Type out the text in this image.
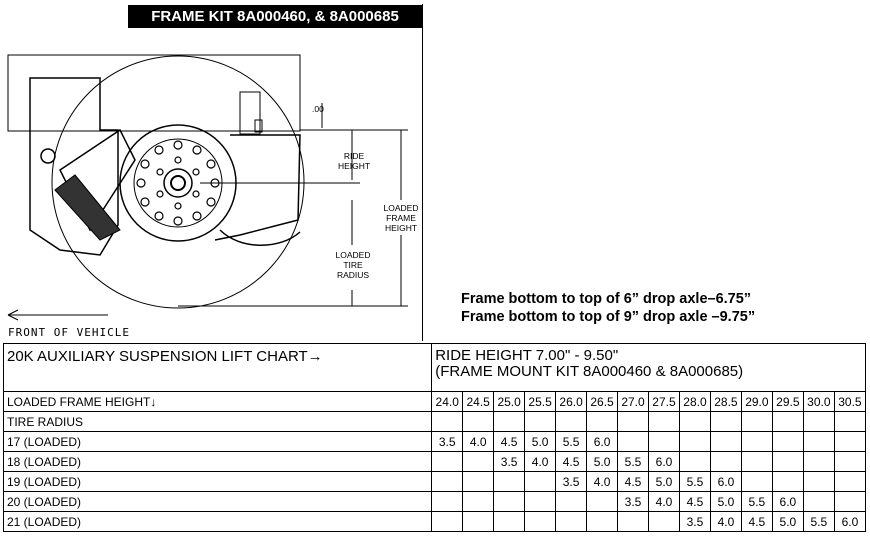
FRAME KIT 8A000460, & 8A000685
.00
RIDE
HEIGHT
LOADED
FRAME
HEIGHT
LOADED
TIRE
RADIUS
FRONT OF VEHICLE
Frame bottom to top of 6” drop axle–6.75”
Frame bottom to top of 9” drop axle –9.75”
20K AUXILIARY SUSPENSION LIFT CHART→	RIDE HEIGHT 7.00" - 9.50"
(FRAME MOUNT KIT 8A000460 & 8A000685)													

LOADED FRAME HEIGHT↓	24.0	24.5	25.0	25.5	26.0	26.5	27.0	27.5	28.0	28.5	29.0	29.5	30.0	30.5
TIRE RADIUS														
17 (LOADED)	3.5	4.0	4.5	5.0	5.5	6.0								
18 (LOADED)			3.5	4.0	4.5	5.0	5.5	6.0						
19 (LOADED)					3.5	4.0	4.5	5.0	5.5	6.0				
20 (LOADED)							3.5	4.0	4.5	5.0	5.5	6.0		
21 (LOADED)									3.5	4.0	4.5	5.0	5.5	6.0
